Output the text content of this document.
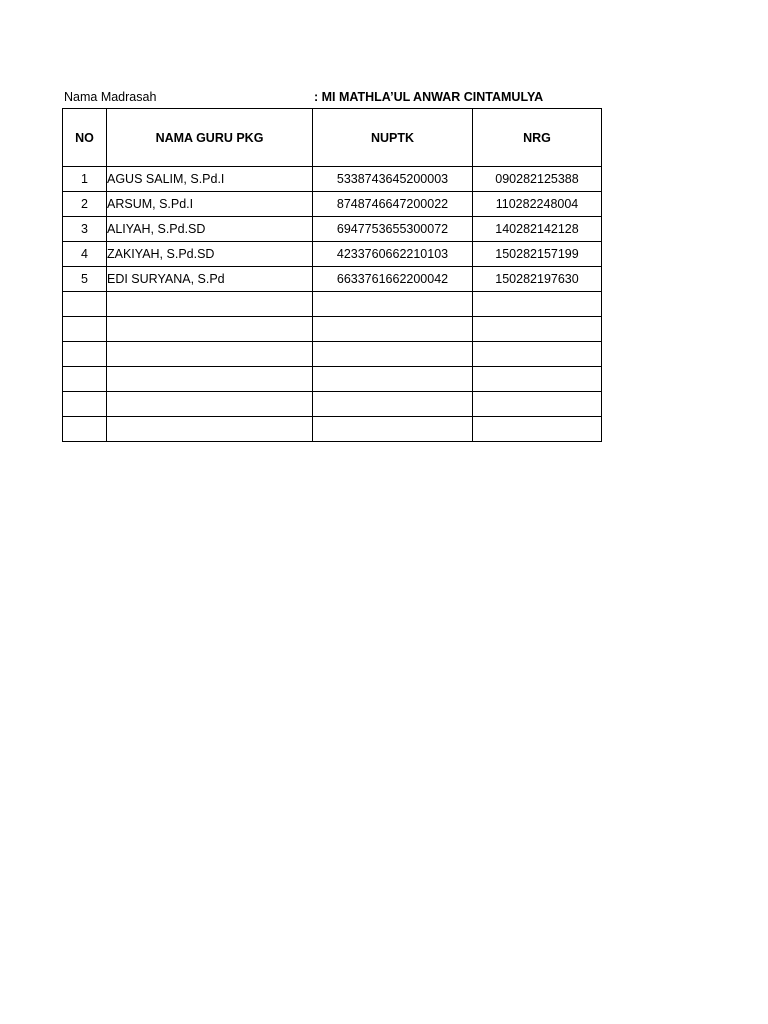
Nama Madrasah	: MI MATHLA’UL ANWAR CINTAMULYA
NO	NAMA GURU PKG	NUPTK	NRG
1	AGUS SALIM, S.Pd.I	5338743645200003	090282125388
2	ARSUM, S.Pd.I	8748746647200022	110282248004
3	ALIYAH, S.Pd.SD	6947753655300072	140282142128
4	ZAKIYAH, S.Pd.SD	4233760662210103	150282157199
5	EDI SURYANA, S.Pd	6633761662200042	150282197630
